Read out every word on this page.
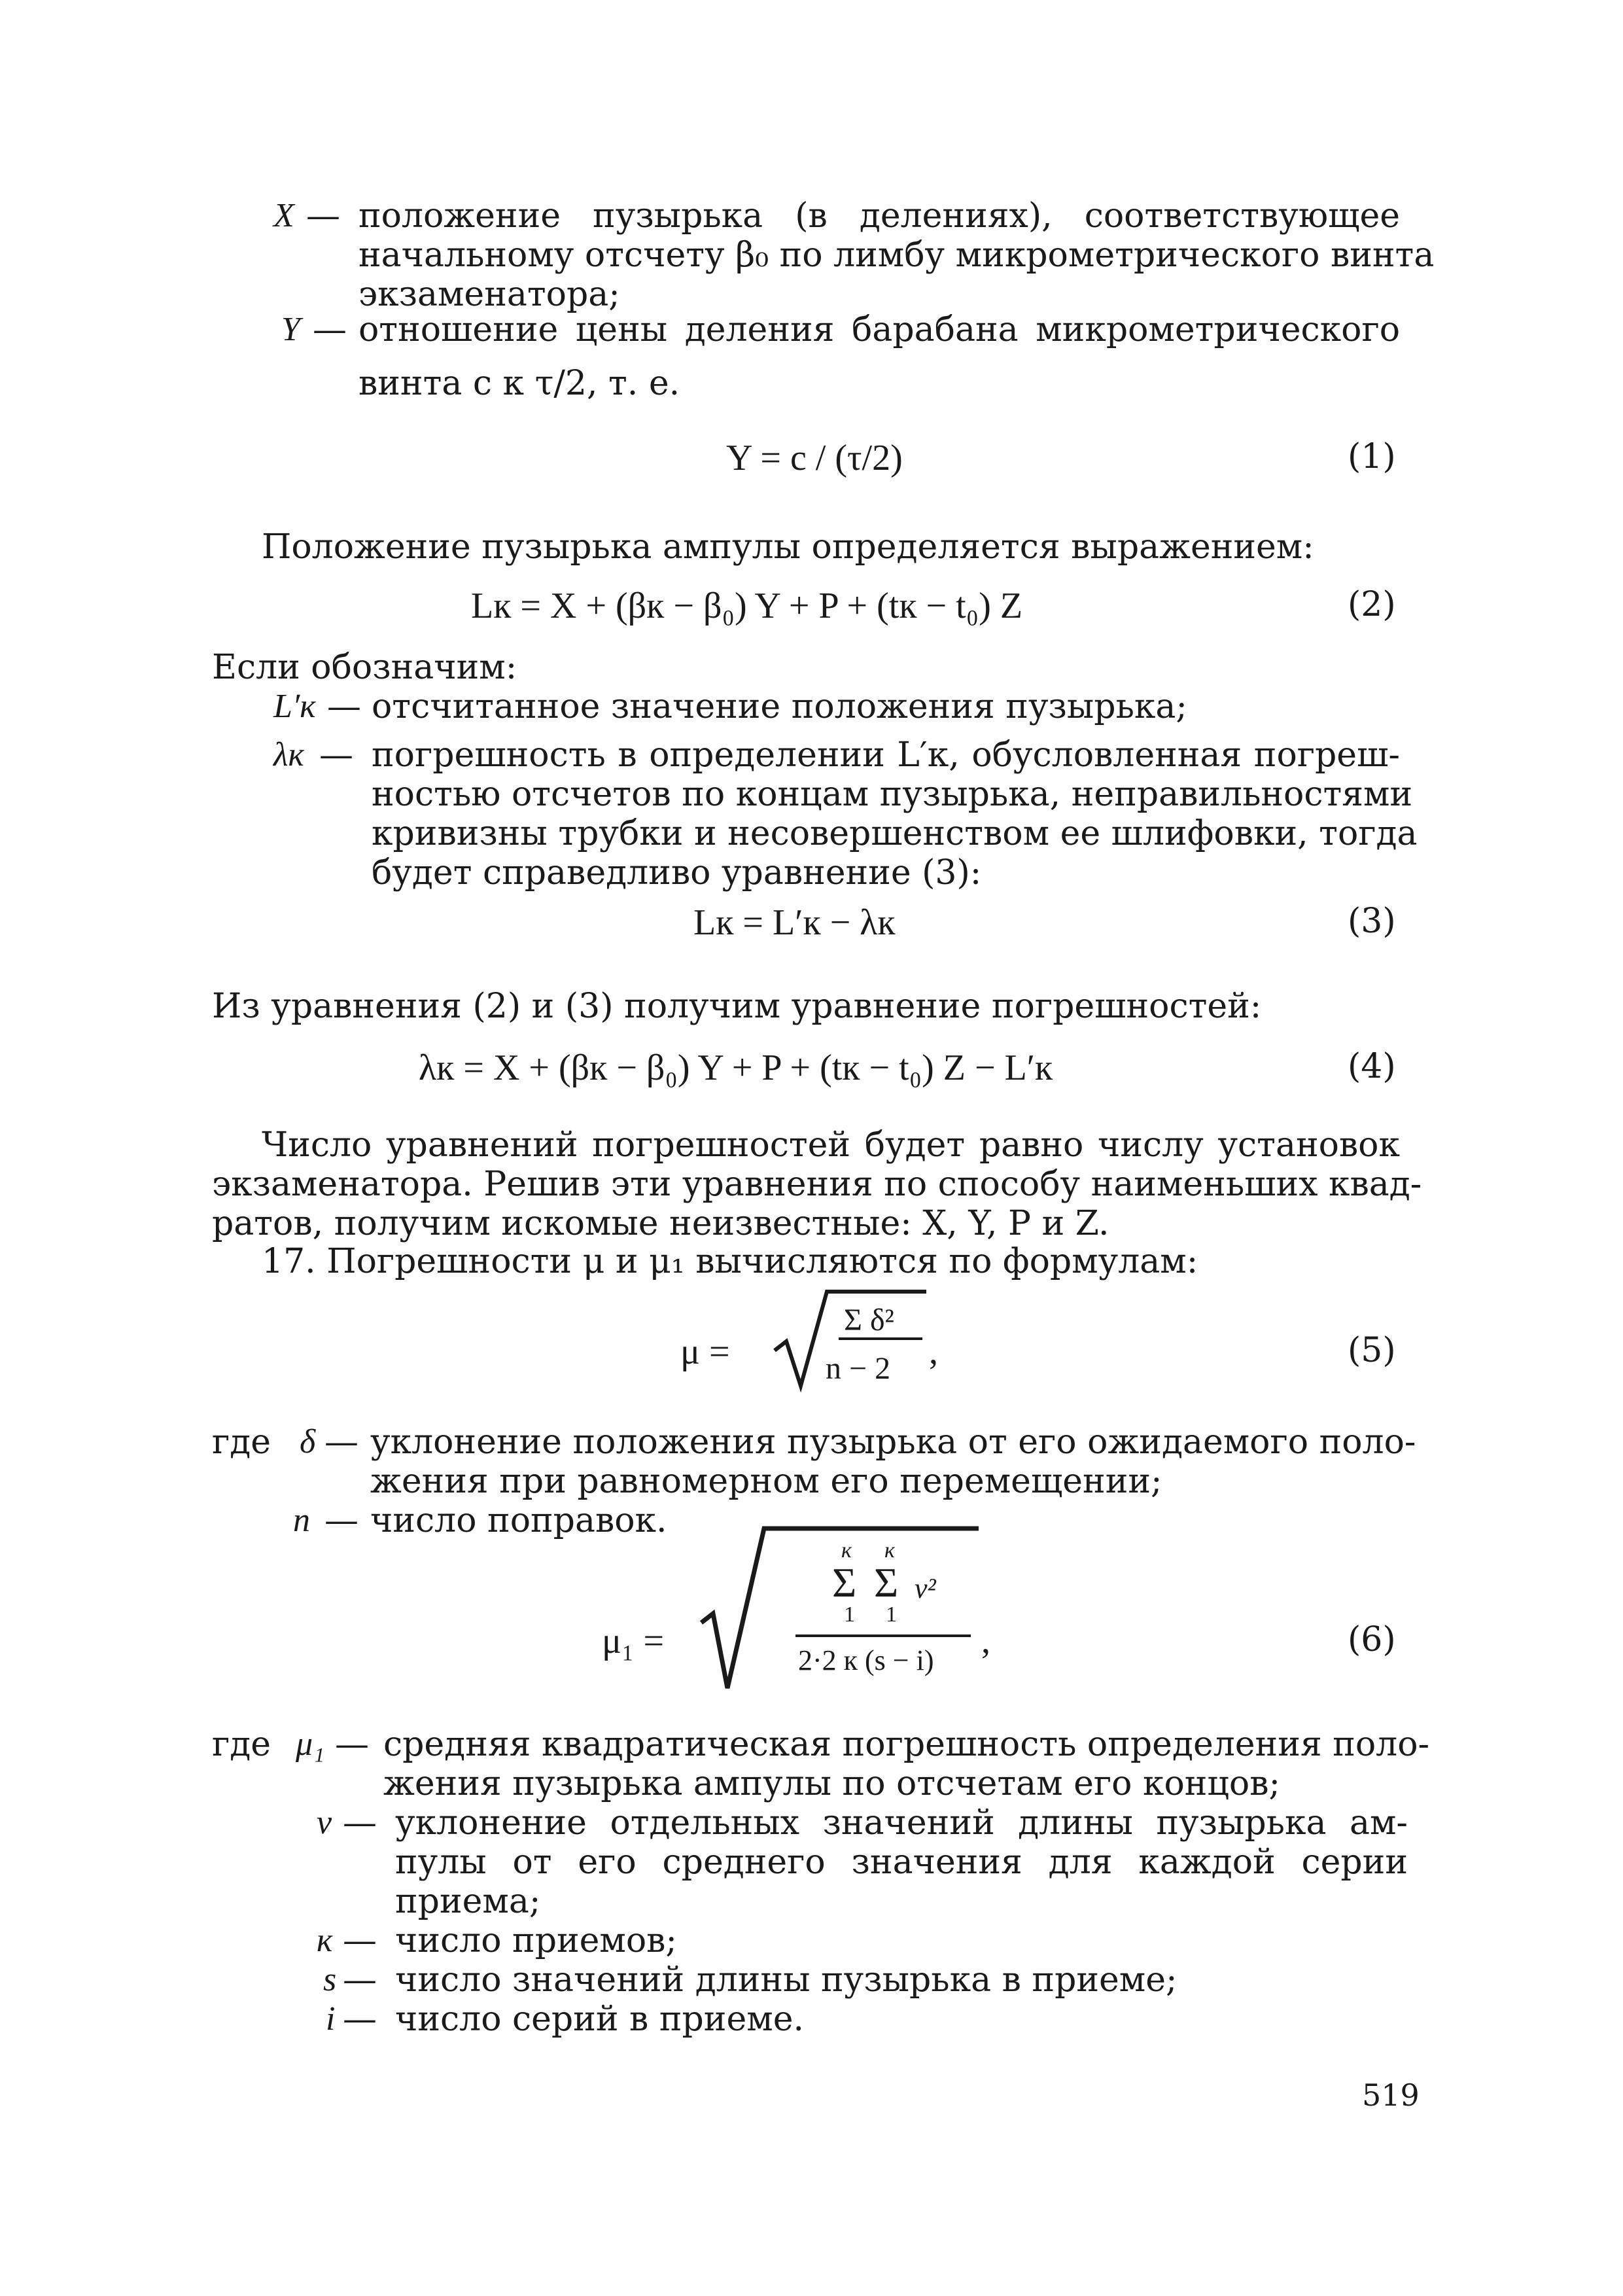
X — положение пузырька (в делениях), соответствующее
начальному отсчету β₀ по лимбу микрометрического винта
экзаменатора;
Y — отношение цены деления барабана микрометрического
винта c к τ/2, т. е.
Y = c / (τ/2)	(1)
Положение пузырька ампулы определяется выражением:
Lк = X + (βк − β₀) Y + P + (tк − t₀) Z	(2)
Если обозначим:
L′к — отсчитанное значение положения пузырька;
λк — погрешность в определении L′к, обусловленная погреш-
ностью отсчетов по концам пузырька, неправильностями
кривизны трубки и несовершенством ее шлифовки, тогда
будет справедливо уравнение (3):
Lк = L′к − λк	(3)
Из уравнения (2) и (3) получим уравнение погрешностей:
λк = X + (βк − β₀) Y + P + (tк − t₀) Z − L′к	(4)
Число уравнений погрешностей будет равно числу установок
экзаменатора. Решив эти уравнения по способу наименьших квад-
ратов, получим искомые неизвестные: X, Y, P и Z.
17. Погрешности μ и μ₁ вычисляются по формулам:
μ =
Σ δ²
n − 2 ,	(5)
где δ — уклонение положения пузырька от его ожидаемого поло-
жения при равномерном его перемещении;
n — число поправок.
μ₁ =
к к
Σ Σ v²
1 1
2·2 к (s − i) ,	(6)
где μ₁ — средняя квадратическая погрешность определения поло-
жения пузырька ампулы по отсчетам его концов;
v — уклонение отдельных значений длины пузырька ам-
пулы от его среднего значения для каждой серии
приема;
к — число приемов;
s — число значений длины пузырька в приеме;
i — число серий в приеме.
519
